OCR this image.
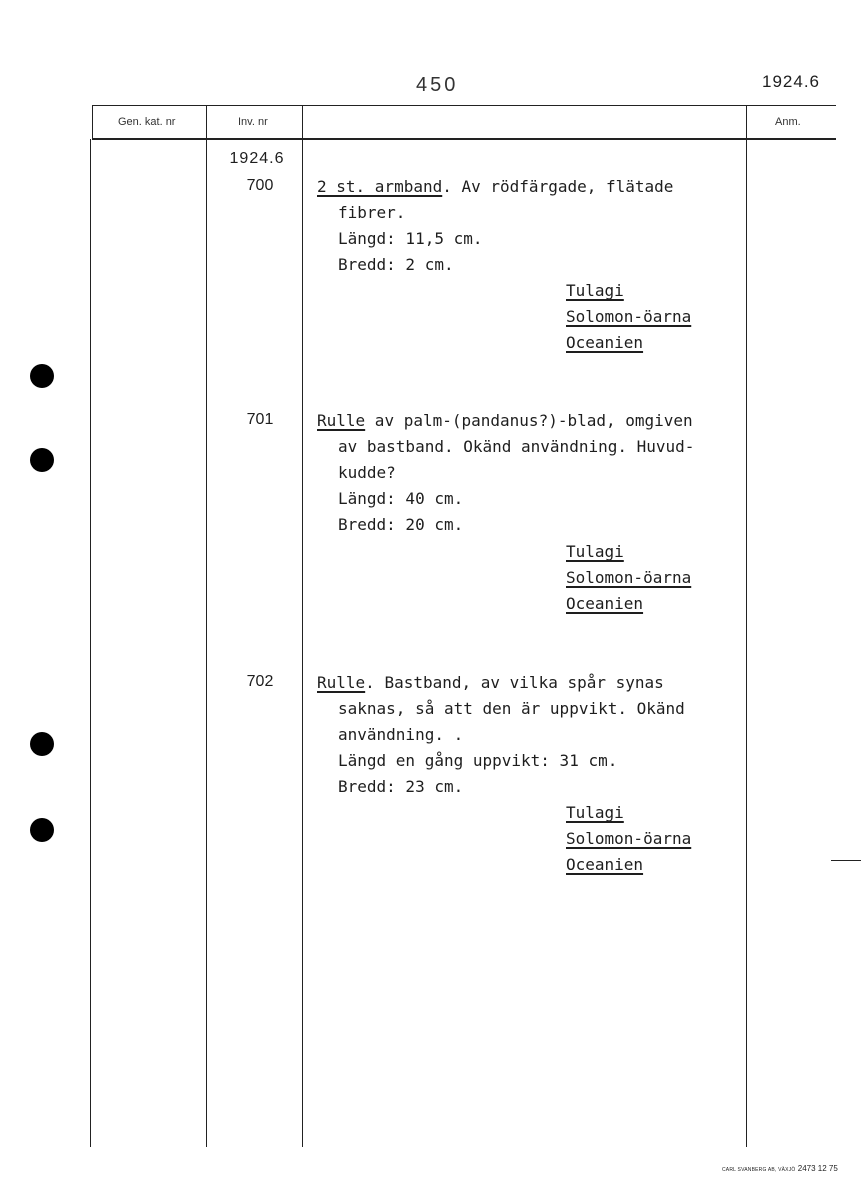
450	1924.6
Gen. kat. nr	Inv. nr	Anm.
1924.6
700	2 st. armband. Av rödfärgade, flätade
fibrer.
Längd: 11,5 cm.
Bredd: 2 cm.
Tulagi
Solomon-öarna
Oceanien
701	Rulle av palm-(pandanus?)-blad, omgiven
av bastband. Okänd användning. Huvud-
kudde?
Längd: 40 cm.
Bredd: 20 cm.
Tulagi
Solomon-öarna
Oceanien
702	Rulle. Bastband, av vilka spår synas
saknas, så att den är uppvikt. Okänd
användning. .
Längd en gång uppvikt: 31 cm.
Bredd: 23 cm.
Tulagi
Solomon-öarna
Oceanien
CARL SVANBERG AB, VÄXJÖ 2473 12 75
